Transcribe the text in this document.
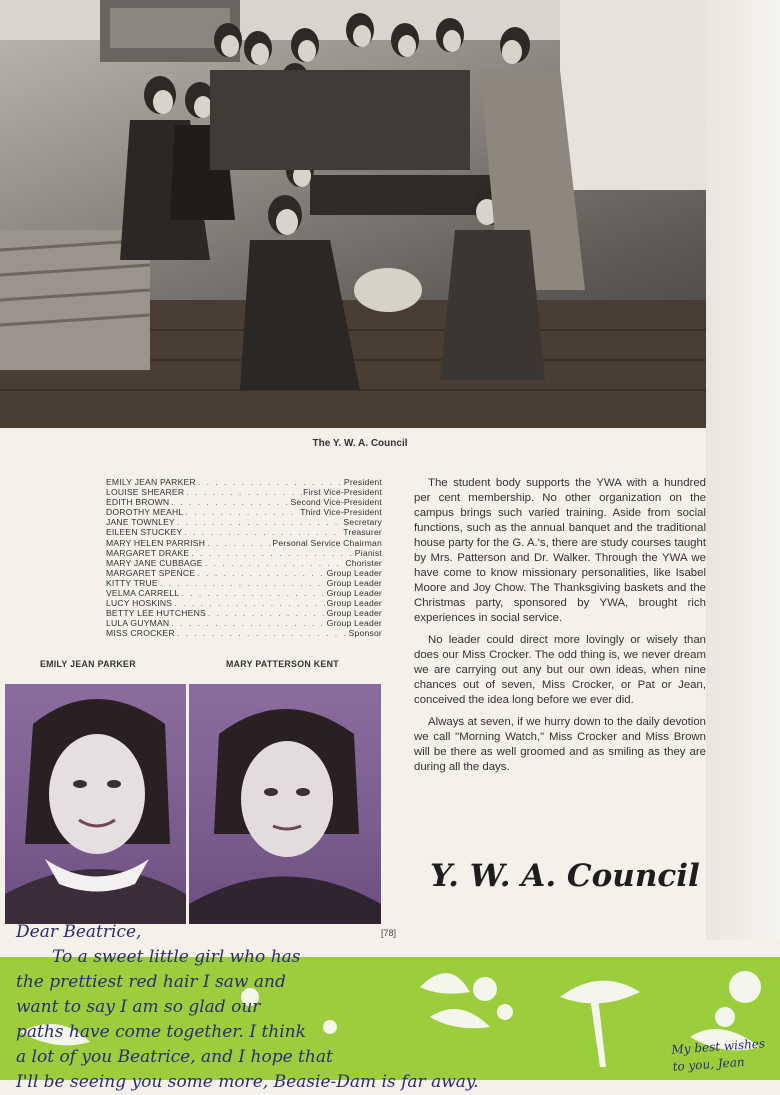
The Y. W. A. Council
EMILY JEAN PARKER . . .	President
LOUISE SHEARER . . .	First Vice-President
EDITH BROWN . . .	Second Vice-President
DOROTHY MEAHL . . .	Third Vice-President
JANE TOWNLEY . . .	Secretary
EILEEN STUCKEY . . .	Treasurer
MARY HELEN PARRISH . . .	Personal Service Chairman
MARGARET DRAKE . . .	Pianist
MARY JANE CUBBAGE . . .	Chorister
MARGARET SPENCE . . .	Group Leader
KITTY TRUE . . .	Group Leader
VELMA CARRELL . . .	Group Leader
LUCY HOSKINS . . .	Group Leader
BETTY LEE HUTCHENS . . .	Group Leader
LULA GUYMAN . . .	Group Leader
MISS CROCKER . . .	Sponsor

The student body supports the YWA with a hundred per cent membership. No other organization on the campus brings such varied training. Aside from social functions, such as the annual banquet and the traditional house party for the G. A.'s, there are study courses taught by Mrs. Patterson and Dr. Walker. Through the YWA we have come to know missionary personalities, like Isabel Moore and Joy Chow. The Thanksgiving baskets and the Christmas party, sponsored by YWA, brought rich experiences in social service.

No leader could direct more lovingly or wisely than does our Miss Crocker. The odd thing is, we never dream we are carrying out any but our own ideas, when nine chances out of seven, Miss Crocker, or Pat or Jean, conceived the idea long before we ever did.

Always at seven, if we hurry down to the daily devotion we call "Morning Watch," Miss Crocker and Miss Brown will be there as well groomed and as smiling as they are during all the days.

EMILY JEAN PARKER	MARY PATTERSON KENT
Y. W. A. Council
[78]
Dear Beatrice,
To a sweet little girl who has
the prettiest red hair I saw and
want to say I am so glad our
paths have come together. I think
a lot of you Beatrice, and I hope that
I'll be seeing you some more, Beasie-Dam is far away.
My best wishes
to you, Jean
